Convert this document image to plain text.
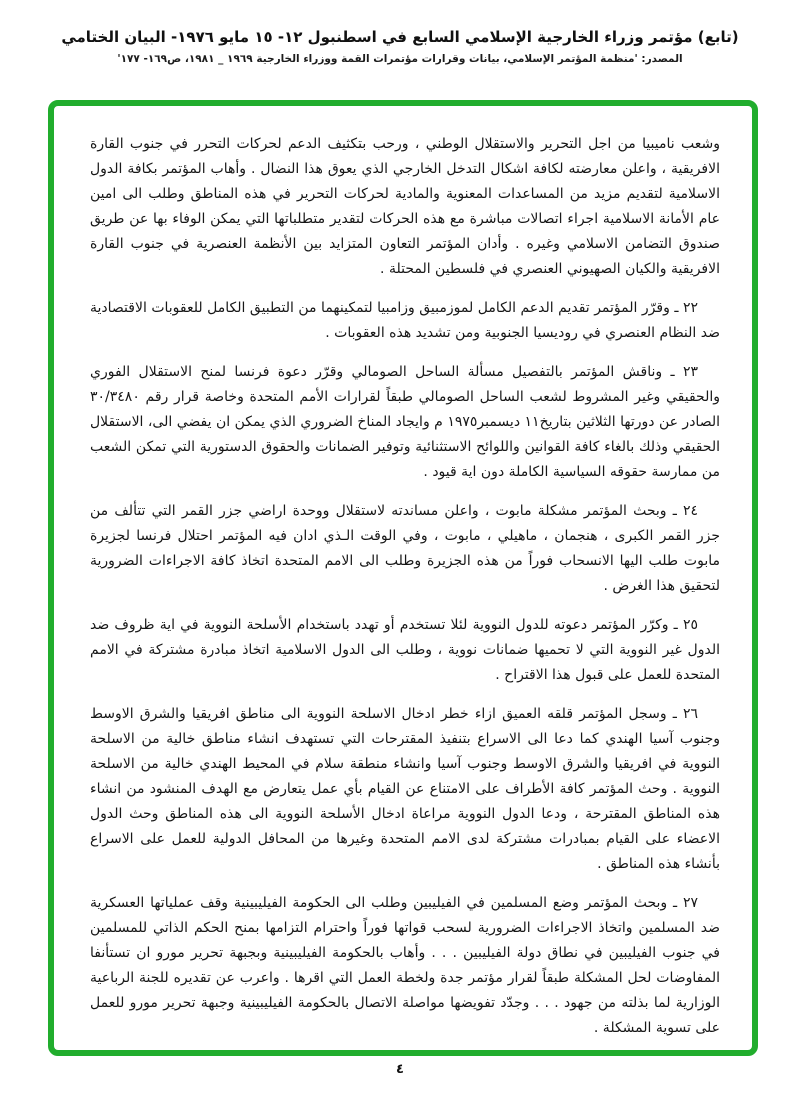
(تابع) مؤتمر وزراء الخارجية الإسلامي السابع في اسطنبول ١٢- ١٥ مايو ١٩٧٦- البيان الختامي
المصدر: 'منظمة المؤتمر الإسلامي، بيانات وقرارات مؤتمرات القمة ووزراء الخارجية ١٩٦٩ _ ١٩٨١، ص١٦٩- ١٧٧'

وشعب ناميبيا من اجل التحرير والاستقلال الوطني ، ورحب بتكثيف الدعم لحركات التحرر في جنوب القارة الافريقية ، واعلن معارضته لكافة اشكال التدخل الخارجي الذي يعوق هذا النضال . وأهاب المؤتمر بكافة الدول الاسلامية لتقديم مزيد من المساعدات المعنوية والمادية لحركات التحرير في هذه المناطق وطلب الى امين عام الأمانة الاسلامية اجراء اتصالات مباشرة مع هذه الحركات لتقدير متطلباتها التي يمكن الوفاء بها عن طريق صندوق التضامن الاسلامي وغيره . وأدان المؤتمر التعاون المتزايد بين الأنظمة العنصرية في جنوب القارة الافريقية والكيان الصهيوني العنصري في فلسطين المحتلة .

٢٢ ـ وقرّر المؤتمر تقديم الدعم الكامل لموزمبيق وزامبيا لتمكينهما من التطبيق الكامل للعقوبات الاقتصادية ضد النظام العنصري في روديسيا الجنوبية ومن تشديد هذه العقوبات .

٢٣ ـ وناقش المؤتمر بالتفصيل مسألة الساحل الصومالي وقرّر دعوة فرنسا لمنح الاستقلال الفوري والحقيقي وغير المشروط لشعب الساحل الصومالي طبقاً لقرارات الأمم المتحدة وخاصة قرار رقم ٣٠/٣٤٨٠ الصادر عن دورتها الثلاثين بتاريخ١١ ديسمبر١٩٧٥ م وايجاد المناخ الضروري الذي يمكن ان يفضي الى، الاستقلال الحقيقي وذلك بالغاء كافة القوانين واللوائح الاستثنائية وتوفير الضمانات والحقوق الدستورية التي تمكن الشعب من ممارسة حقوقه السياسية الكاملة دون اية قيود .

٢٤ ـ وبحث المؤتمر مشكلة مابوت ، واعلن مساندته لاستقلال ووحدة اراضي جزر القمر التي تتألف من جزر القمر الكبرى ، هنجمان ، ماهيلي ، مابوت ، وفي الوقت الـذي ادان فيه المؤتمر احتلال فرنسا لجزيرة مابوت طلب اليها الانسحاب فوراً من هذه الجزيرة وطلب الى الامم المتحدة اتخاذ كافة الاجراءات الضرورية لتحقيق هذا الغرض .

٢٥ ـ وكرّر المؤتمر دعوته للدول النووية لئلا تستخدم أو تهدد باستخدام الأسلحة النووية في اية ظروف ضد الدول غير النووية التي لا تحميها ضمانات نووية ، وطلب الى الدول الاسلامية اتخاذ مبادرة مشتركة في الامم المتحدة للعمل على قبول هذا الاقتراح .

٢٦ ـ وسجل المؤتمر قلقه العميق ازاء خطر ادخال الاسلحة النووية الى مناطق افريقيا والشرق الاوسط وجنوب آسيا الهندي كما دعا الى الاسراع بتنفيذ المقترحات التي تستهدف انشاء مناطق خالية من الاسلحة النووية في افريقيا والشرق الاوسط وجنوب آسيا وانشاء منطقة سلام في المحيط الهندي خالية من الاسلحة النووية . وحث المؤتمر كافة الأطراف على الامتناع عن القيام بأي عمل يتعارض مع الهدف المنشود من انشاء هذه المناطق المقترحة ، ودعا الدول النووية مراعاة ادخال الأسلحة النووية الى هذه المناطق وحث الدول الاعضاء على القيام بمبادرات مشتركة لدى الامم المتحدة وغيرها من المحافل الدولية للعمل على الاسراع بأنشاء هذه المناطق .

٢٧ ـ وبحث المؤتمر وضع المسلمين في الفيليبين وطلب الى الحكومة الفيليبينية وقف عملياتها العسكرية ضد المسلمين واتخاذ الاجراءات الضرورية لسحب قواتها فوراً واحترام التزامها بمنح الحكم الذاتي للمسلمين في جنوب الفيليبين في نطاق دولة الفيليبين . . . وأهاب بالحكومة الفيليبينية وبجبهة تحرير مورو ان تستأنفا المفاوضات لحل المشكلة طبقاً لقرار مؤتمر جدة ولخطة العمل التي اقرها . واعرب عن تقديره للجنة الرباعية الوزارية لما بذلته من جهود . . . وجدّد تفويضها مواصلة الاتصال بالحكومة الفيليبينية وجبهة تحرير مورو للعمل على تسوية المشكلة .

٤
